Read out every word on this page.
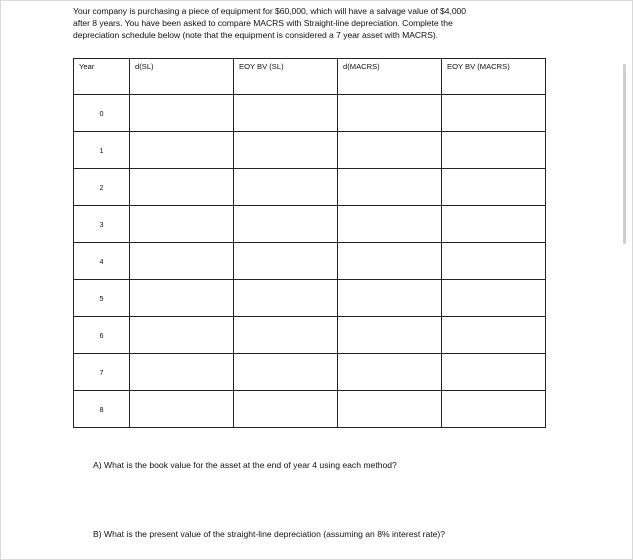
Your company is purchasing a piece of equipment for $60,000, which will have a salvage value of $4,000
after 8 years. You have been asked to compare MACRS with Straight-line depreciation. Complete the
depreciation schedule below (note that the equipment is considered a 7 year asset with MACRS).
Year	d(SL)	EOY BV (SL)	d(MACRS)	EOY BV (MACRS)
0				
1				
2				
3				
4				
5				
6				
7				
8				
A) What is the book value for the asset at the end of year 4 using each method?
B) What is the present value of the straight-line depreciation (assuming an 8% interest rate)?
